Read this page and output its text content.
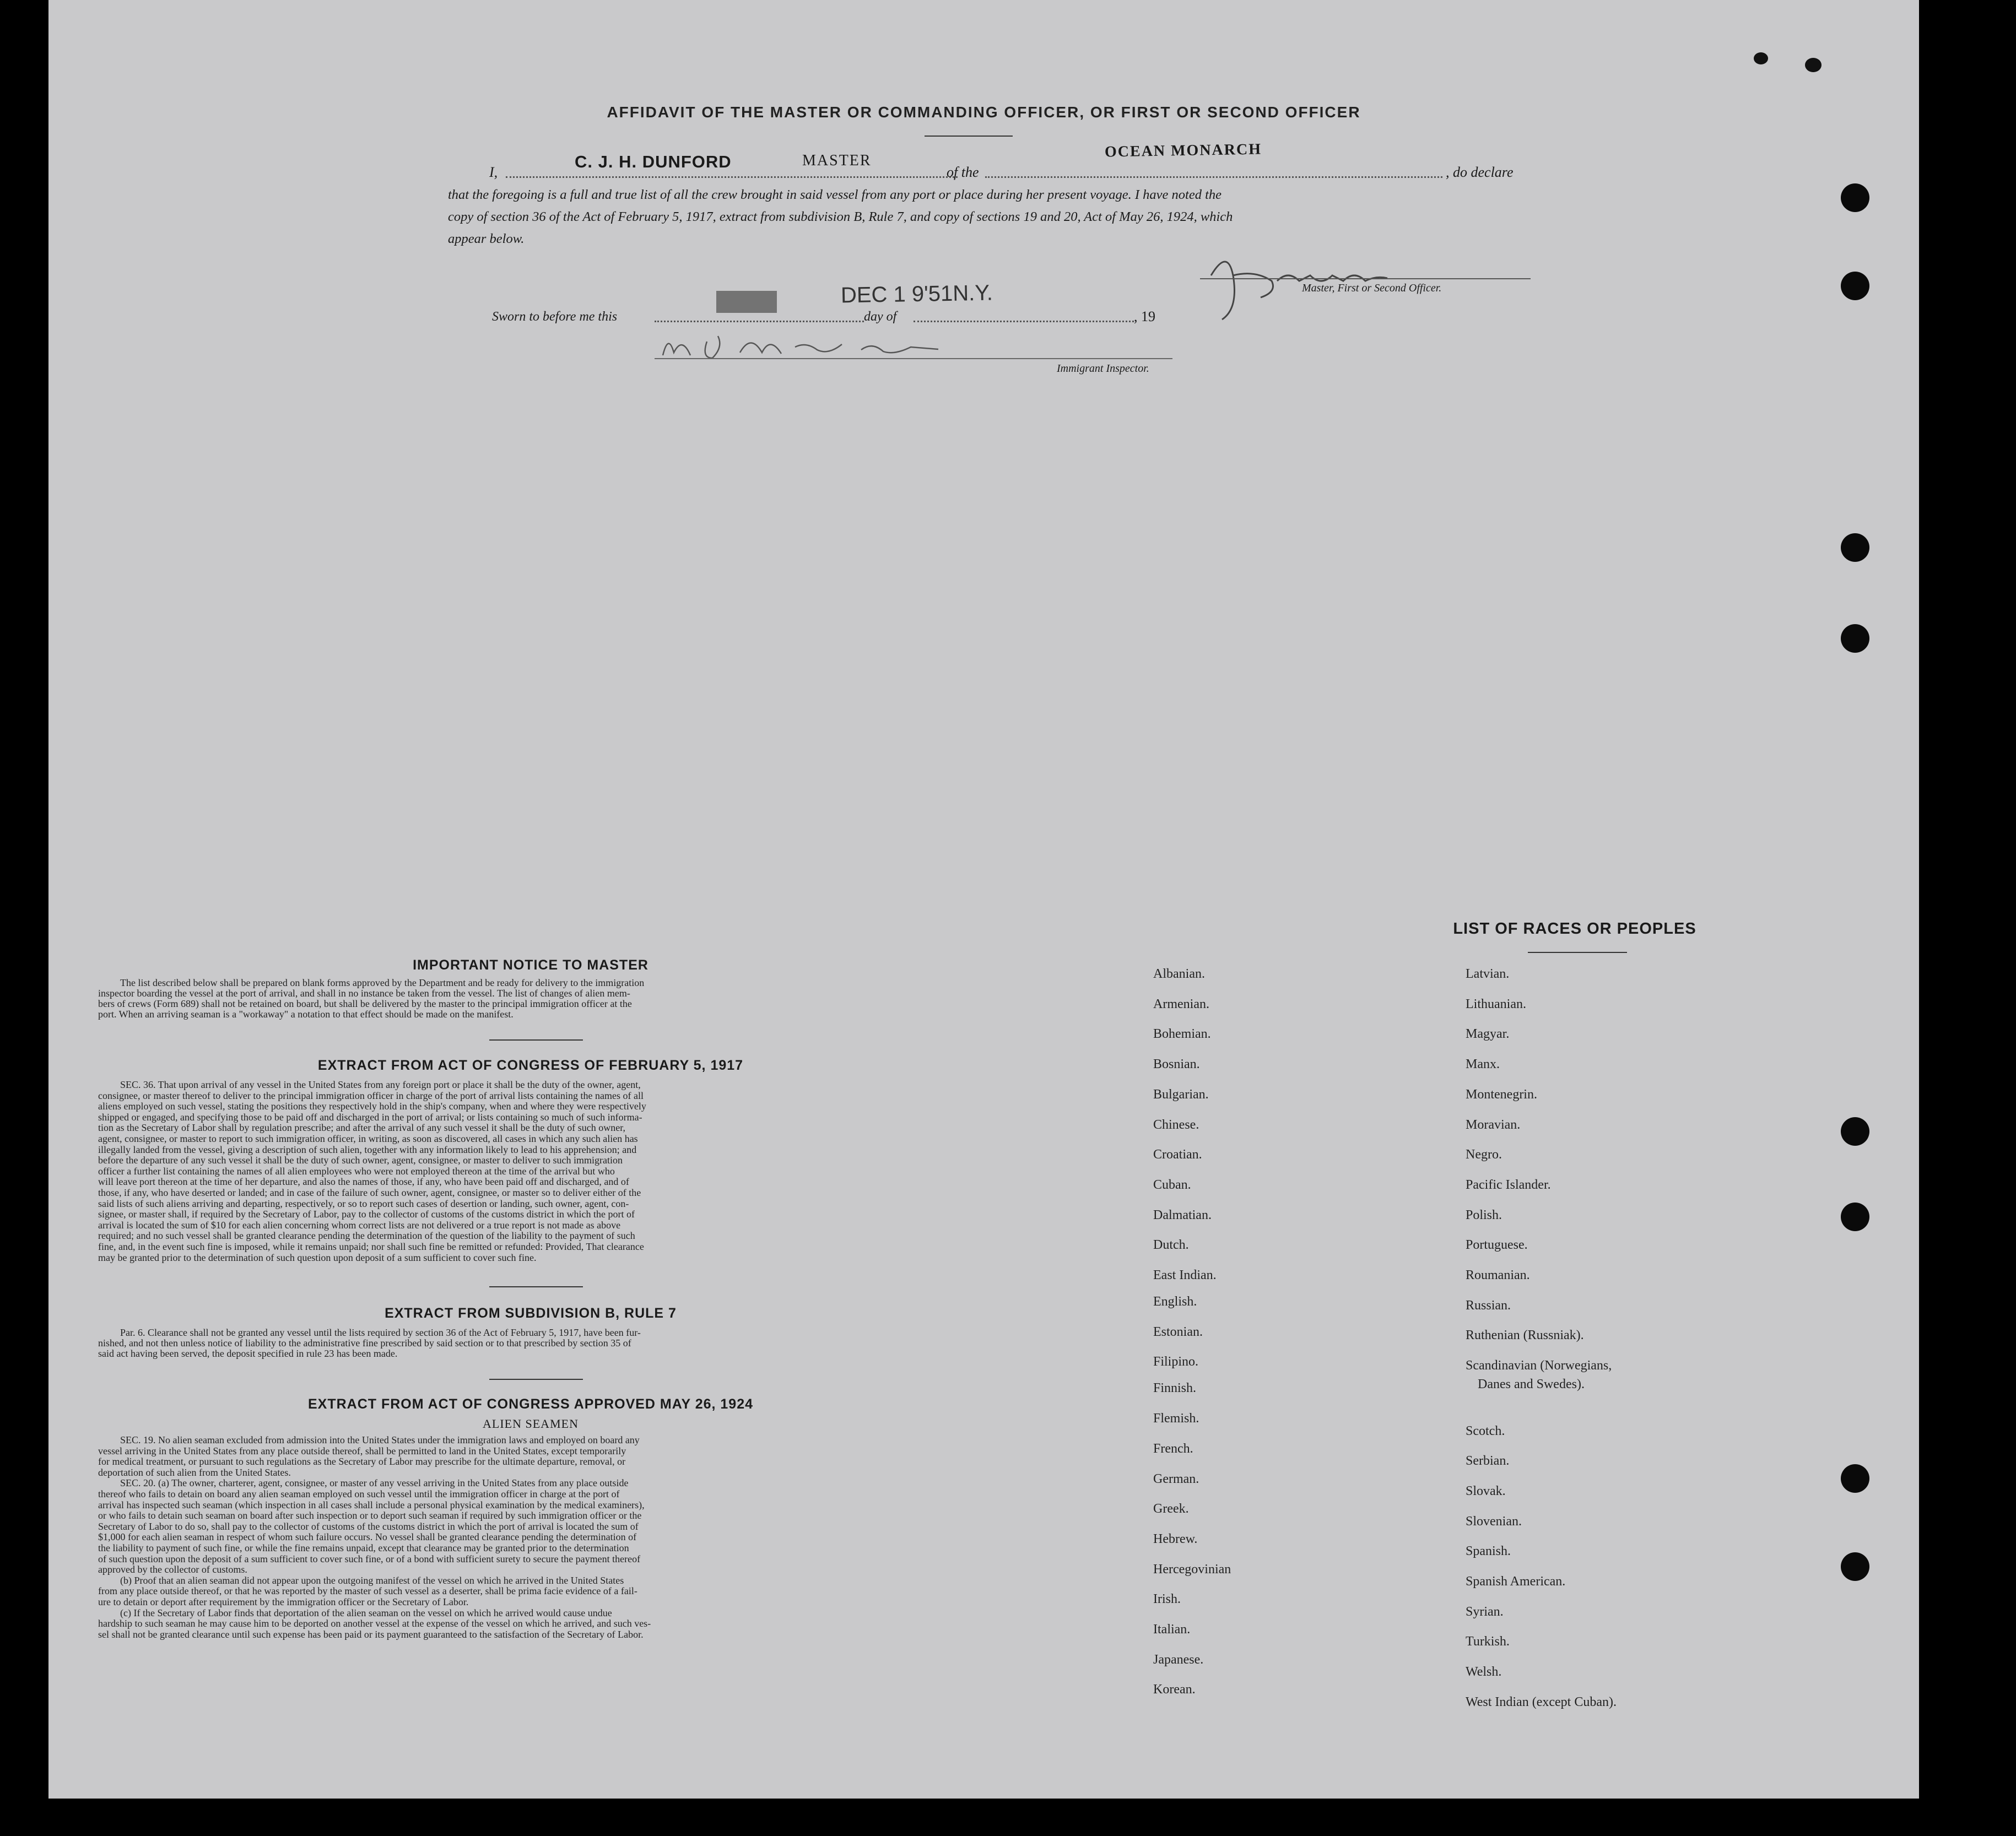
AFFIDAVIT OF THE MASTER OR COMMANDING OFFICER, OR FIRST OR SECOND OFFICER
I,
C. J. H. DUNFORD	MASTER
of the
OCEAN MONARCH
, do declare
that the foregoing is a full and true list of all the crew brought in said vessel from any port or place during her present voyage. I have noted the
copy of section 36 of the Act of February 5, 1917, extract from subdivision B, Rule 7, and copy of sections 19 and 20, Act of May 26, 1924, which
appear below.
Master, First or Second Officer.
Sworn to before me this
DEC 1 9'51N.Y.
day of	, 19
Immigrant Inspector.
IMPORTANT NOTICE TO MASTER
The list described below shall be prepared on blank forms approved by the Department and be ready for delivery to the immigration
inspector boarding the vessel at the port of arrival, and shall in no instance be taken from the vessel. The list of changes of alien mem-
bers of crews (Form 689) shall not be retained on board, but shall be delivered by the master to the principal immigration officer at the
port. When an arriving seaman is a "workaway" a notation to that effect should be made on the manifest.
EXTRACT FROM ACT OF CONGRESS OF FEBRUARY 5, 1917
SEC. 36. That upon arrival of any vessel in the United States from any foreign port or place it shall be the duty of the owner, agent,
consignee, or master thereof to deliver to the principal immigration officer in charge of the port of arrival lists containing the names of all
aliens employed on such vessel, stating the positions they respectively hold in the ship's company, when and where they were respectively
shipped or engaged, and specifying those to be paid off and discharged in the port of arrival; or lists containing so much of such informa-
tion as the Secretary of Labor shall by regulation prescribe; and after the arrival of any such vessel it shall be the duty of such owner,
agent, consignee, or master to report to such immigration officer, in writing, as soon as discovered, all cases in which any such alien has
illegally landed from the vessel, giving a description of such alien, together with any information likely to lead to his apprehension; and
before the departure of any such vessel it shall be the duty of such owner, agent, consignee, or master to deliver to such immigration
officer a further list containing the names of all alien employees who were not employed thereon at the time of the arrival but who
will leave port thereon at the time of her departure, and also the names of those, if any, who have been paid off and discharged, and of
those, if any, who have deserted or landed; and in case of the failure of such owner, agent, consignee, or master so to deliver either of the
said lists of such aliens arriving and departing, respectively, or so to report such cases of desertion or landing, such owner, agent, con-
signee, or master shall, if required by the Secretary of Labor, pay to the collector of customs of the customs district in which the port of
arrival is located the sum of $10 for each alien concerning whom correct lists are not delivered or a true report is not made as above
required; and no such vessel shall be granted clearance pending the determination of the question of the liability to the payment of such
fine, and, in the event such fine is imposed, while it remains unpaid; nor shall such fine be remitted or refunded: Provided, That clearance
may be granted prior to the determination of such question upon deposit of a sum sufficient to cover such fine.
EXTRACT FROM SUBDIVISION B, RULE 7
Par. 6. Clearance shall not be granted any vessel until the lists required by section 36 of the Act of February 5, 1917, have been fur-
nished, and not then unless notice of liability to the administrative fine prescribed by said section or to that prescribed by section 35 of
said act having been served, the deposit specified in rule 23 has been made.
EXTRACT FROM ACT OF CONGRESS APPROVED MAY 26, 1924
ALIEN SEAMEN
SEC. 19. No alien seaman excluded from admission into the United States under the immigration laws and employed on board any
vessel arriving in the United States from any place outside thereof, shall be permitted to land in the United States, except temporarily
for medical treatment, or pursuant to such regulations as the Secretary of Labor may prescribe for the ultimate departure, removal, or
deportation of such alien from the United States.
SEC. 20. (a) The owner, charterer, agent, consignee, or master of any vessel arriving in the United States from any place outside
thereof who fails to detain on board any alien seaman employed on such vessel until the immigration officer in charge at the port of
arrival has inspected such seaman (which inspection in all cases shall include a personal physical examination by the medical examiners),
or who fails to detain such seaman on board after such inspection or to deport such seaman if required by such immigration officer or the
Secretary of Labor to do so, shall pay to the collector of customs of the customs district in which the port of arrival is located the sum of
$1,000 for each alien seaman in respect of whom such failure occurs. No vessel shall be granted clearance pending the determination of
the liability to payment of such fine, or while the fine remains unpaid, except that clearance may be granted prior to the determination
of such question upon the deposit of a sum sufficient to cover such fine, or of a bond with sufficient surety to secure the payment thereof
approved by the collector of customs.
(b) Proof that an alien seaman did not appear upon the outgoing manifest of the vessel on which he arrived in the United States
from any place outside thereof, or that he was reported by the master of such vessel as a deserter, shall be prima facie evidence of a fail-
ure to detain or deport after requirement by the immigration officer or the Secretary of Labor.
(c) If the Secretary of Labor finds that deportation of the alien seaman on the vessel on which he arrived would cause undue
hardship to such seaman he may cause him to be deported on another vessel at the expense of the vessel on which he arrived, and such ves-
sel shall not be granted clearance until such expense has been paid or its payment guaranteed to the satisfaction of the Secretary of Labor.
LIST OF RACES OR PEOPLES
Albanian.
Armenian.
Bohemian.
Bosnian.
Bulgarian.
Chinese.
Croatian.
Cuban.
Dalmatian.
Dutch.
East Indian.
English.
Estonian.
Filipino.
Finnish.
Flemish.
French.
German.
Greek.
Hebrew.
Hercegovinian
Irish.
Italian.
Japanese.
Korean.
Latvian.
Lithuanian.
Magyar.
Manx.
Montenegrin.
Moravian.
Negro.
Pacific Islander.
Polish.
Portuguese.
Roumanian.
Russian.
Ruthenian (Russniak).
Scandinavian (Norwegians,
Danes and Swedes).
Scotch.
Serbian.
Slovak.
Slovenian.
Spanish.
Spanish American.
Syrian.
Turkish.
Welsh.
West Indian (except Cuban).
